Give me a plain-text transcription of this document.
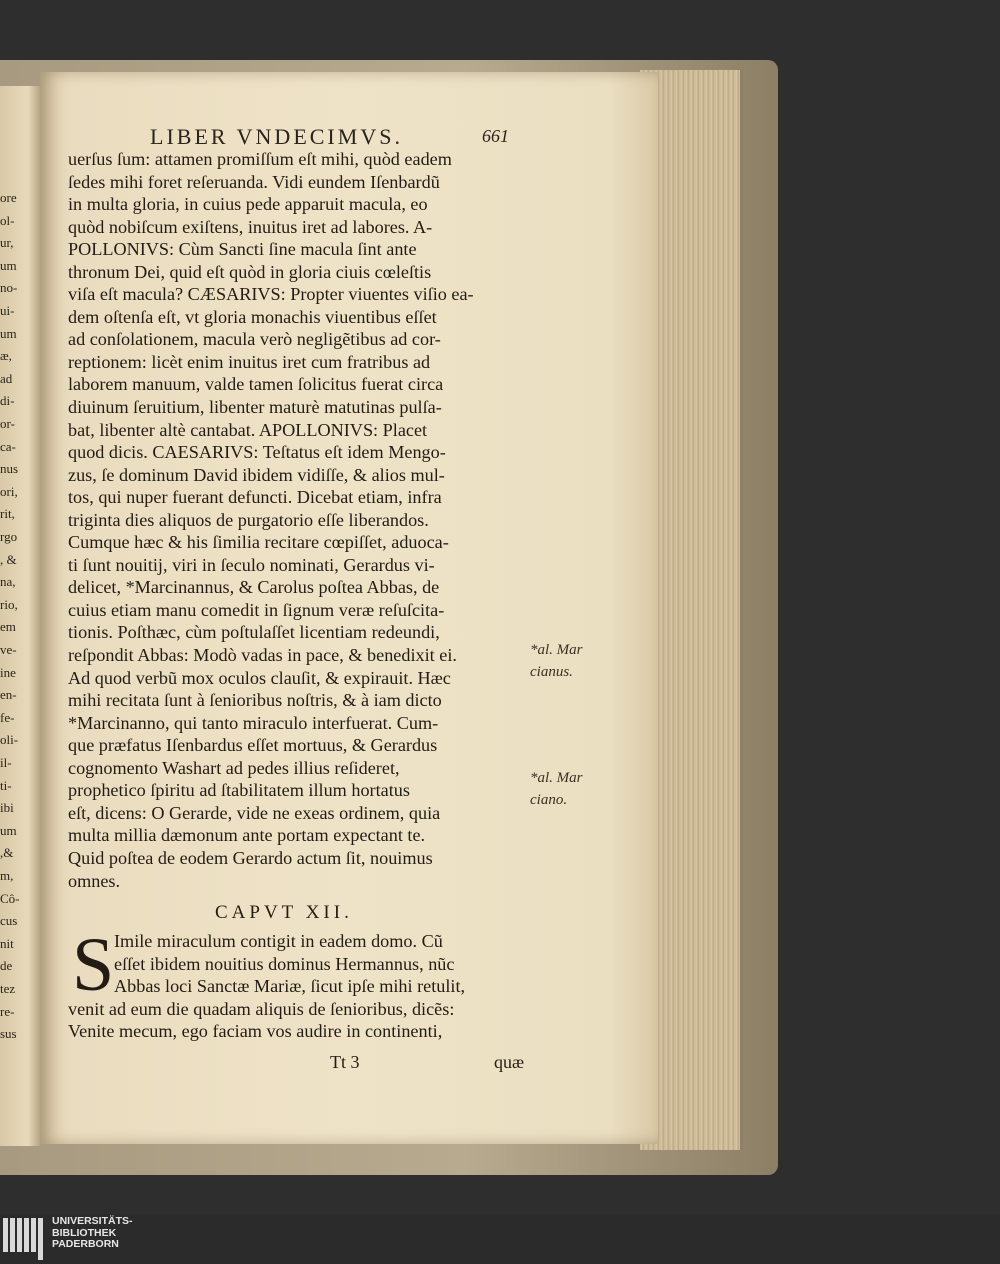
ore
ol-
ur,
um
no-
ui-
um
æ,
ad
di-
or-
ca-
nus
ori,
rit,
rgo
, &
na,
rio,
em
ve-
ine
en-
fe-
oli-
il-
ti-
ibi
um
,&
m,
Cô-
cus
nit
de
tez
re-
sus
LIBER VNDECIMVS.	661
uerſus ſum: attamen promiſſum eſt mihi, quòd eadem
ſedes mihi foret reſeruanda. Vidi eundem Iſenbardũ
in multa gloria, in cuius pede apparuit macula, eo
quòd nobiſcum exiſtens, inuitus iret ad labores. A-
POLLONIVS: Cùm Sancti ſine macula ſint ante
thronum Dei, quid eſt quòd in gloria ciuis cœleſtis
viſa eſt macula? CÆSARIVS: Propter viuentes viſio ea-
dem oſtenſa eſt, vt gloria monachis viuentibus eſſet
ad conſolationem, macula verò negligẽtibus ad cor-
reptionem: licèt enim inuitus iret cum fratribus ad
laborem manuum, valde tamen ſolicitus fuerat circa
diuinum ſeruitium, libenter maturè matutinas pulſa-
bat, libenter altè cantabat. APOLLONIVS: Placet
quod dicis. CAESARIVS: Teſtatus eſt idem Mengo-
zus, ſe dominum David ibidem vidiſſe, & alios mul-
tos, qui nuper fuerant defuncti. Dicebat etiam, infra
triginta dies aliquos de purgatorio eſſe liberandos.
Cumque hæc & his ſimilia recitare cœpiſſet, aduoca-
ti ſunt nouitij, viri in ſeculo nominati, Gerardus vi-
delicet, *Marcinannus, & Carolus poſtea Abbas, de
cuius etiam manu comedit in ſignum veræ reſuſcita-
tionis. Poſthæc, cùm poſtulaſſet licentiam redeundi,
reſpondit Abbas: Modò vadas in pace, & benedixit ei.
Ad quod verbũ mox oculos clauſit, & expirauit. Hæc
mihi recitata ſunt à ſenioribus noſtris, & à iam dicto
*Marcinanno, qui tanto miraculo interfuerat. Cum-
que præfatus Iſenbardus eſſet mortuus, & Gerardus
cognomento Washart ad pedes illius reſideret,
prophetico ſpiritu ad ſtabilitatem illum hortatus
eſt, dicens: O Gerarde, vide ne exeas ordinem, quia
multa millia dæmonum ante portam expectant te.
Quid poſtea de eodem Gerardo actum ſit, nouimus
omnes.
*al. Mar
cianus.
*al. Mar
ciano.
CAPVT XII.
S Imile miraculum contigit in eadem domo. Cũ
eſſet ibidem nouitius dominus Hermannus, nũc
Abbas loci Sanctæ Mariæ, ſicut ipſe mihi retulit,
venit ad eum die quadam aliquis de ſenioribus, dicẽs:
Venite mecum, ego faciam vos audire in continenti,
Tt 3	quæ
UNIVERSITÄTS-
BIBLIOTHEK
PADERBORN
